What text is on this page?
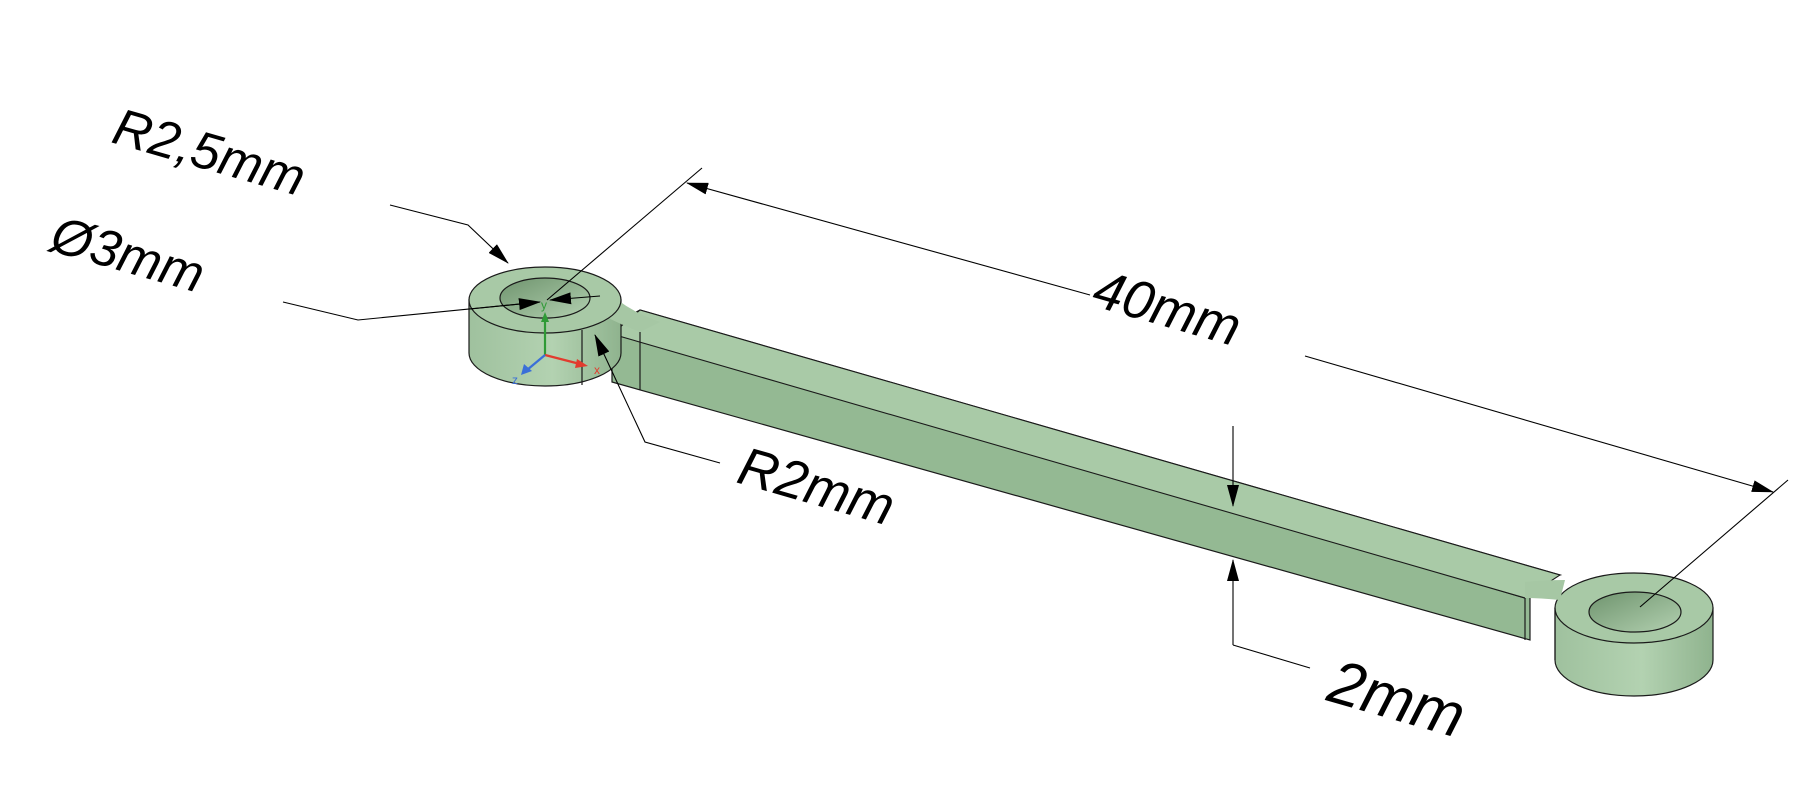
x
y
z
R2,5mm
Ø3mm
40mm
R2mm
2mm
